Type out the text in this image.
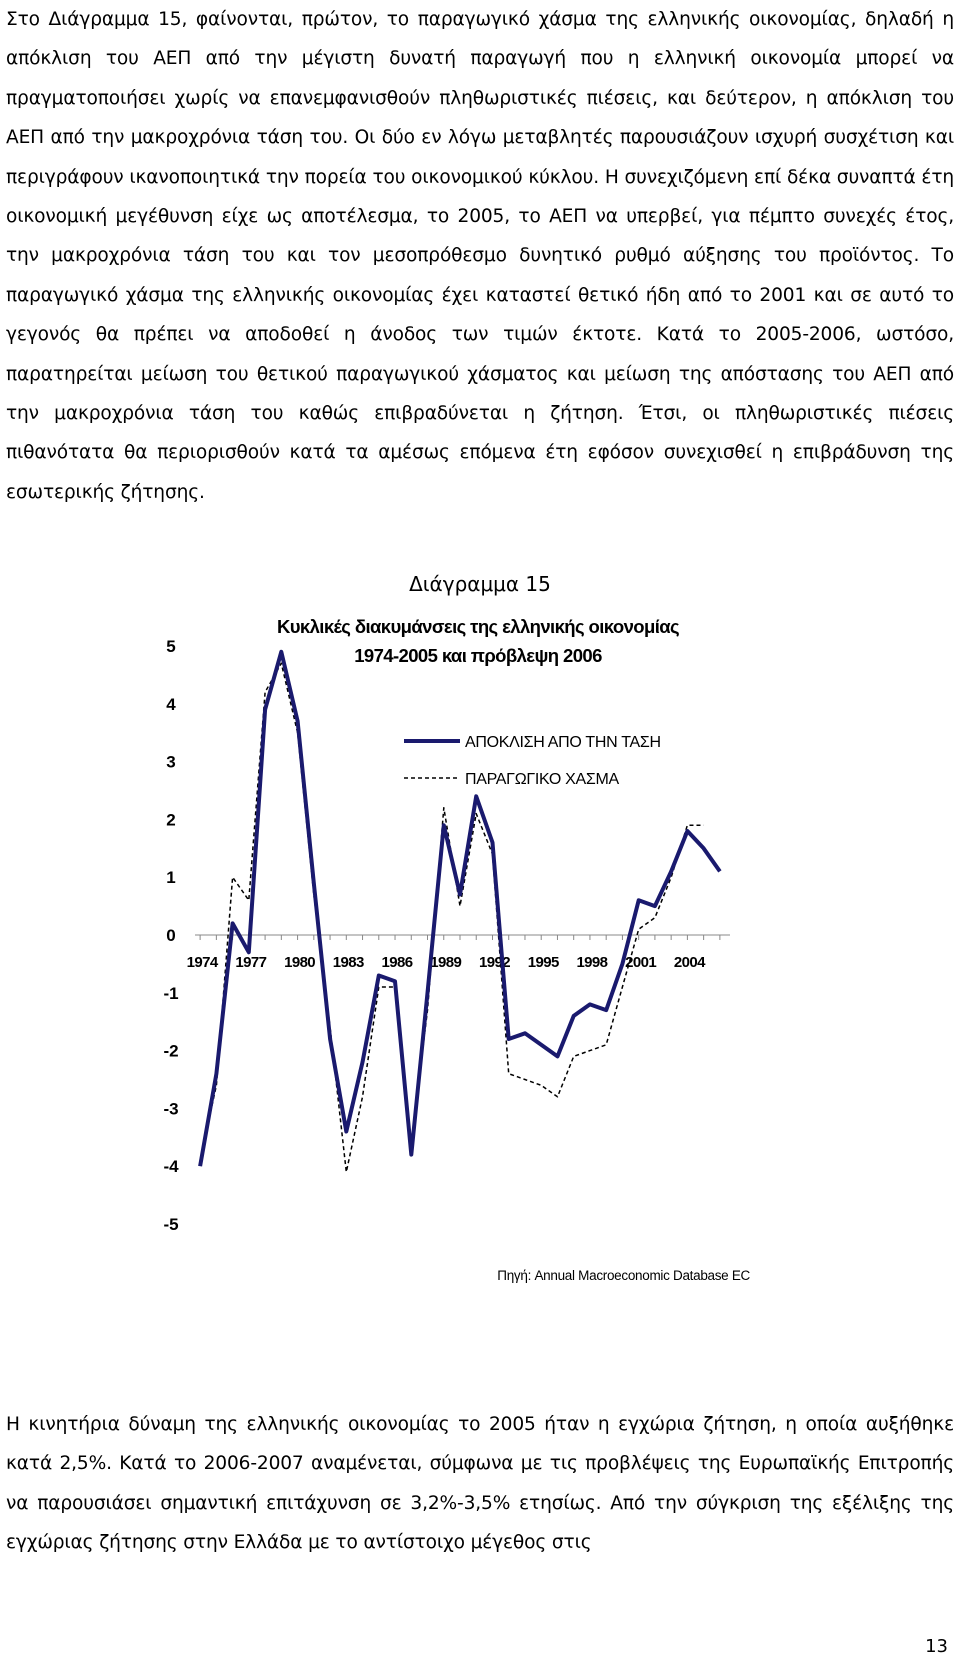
Στο Διάγραμμα 15, φαίνονται, πρώτον, το παραγωγικό χάσμα της ελληνικής οικονομίας, δηλαδή η απόκλιση του ΑΕΠ από την μέγιστη δυνατή παραγωγή που η ελληνική οικονομία μπορεί να πραγματοποιήσει χωρίς να επανεμφανισθούν πληθωριστικές πιέσεις, και δεύτερον, η απόκλιση του ΑΕΠ από την μακροχρόνια τάση του. Οι δύο εν λόγω μεταβλητές παρουσιάζουν ισχυρή συσχέτιση και περιγράφουν ικανοποιητικά την πορεία του οικονομικού κύκλου. Η συνεχιζόμενη επί δέκα συναπτά έτη οικονομική μεγέθυνση είχε ως αποτέλεσμα, το 2005, το ΑΕΠ να υπερβεί, για πέμπτο συνεχές έτος, την μακροχρόνια τάση του και τον μεσοπρόθεσμο δυνητικό ρυθμό αύξησης του προϊόντος. Το παραγωγικό χάσμα της ελληνικής οικονομίας έχει καταστεί θετικό ήδη από το 2001 και σε αυτό το γεγονός θα πρέπει να αποδοθεί η άνοδος των τιμών έκτοτε. Κατά το 2005-2006, ωστόσο, παρατηρείται μείωση του θετικού παραγωγικού χάσματος και μείωση της απόστασης του ΑΕΠ από την μακροχρόνια τάση του καθώς επιβραδύνεται η ζήτηση. Έτσι, οι πληθωριστικές πιέσεις πιθανότατα θα περιορισθούν κατά τα αμέσως επόμενα έτη εφόσον συνεχισθεί η επιβράδυνση της εσωτερικής ζήτησης.

Διάγραμμα 15
Κυκλικές διακυμάνσεις της ελληνικής οικονομίας
1974-2005 και πρόβλεψη 2006
5
4
3
2
1
0
-1
-2
-3
-4
-5
1974 1977 1980 1983 1986 1989 1992 1995 1998 2001 2004
ΑΠΟΚΛΙΣΗ ΑΠΟ ΤΗΝ ΤΑΣΗ
ΠΑΡΑΓΩΓΙΚΟ ΧΑΣΜΑ
Πηγή: Annual Macroeconomic Database EC

Η κινητήρια δύναμη της ελληνικής οικονομίας το 2005 ήταν η εγχώρια ζήτηση, η οποία αυξήθηκε κατά 2,5%. Κατά το 2006-2007 αναμένεται, σύμφωνα με τις προβλέψεις της Ευρωπαϊκής Επιτροπής να παρουσιάσει σημαντική επιτάχυνση σε 3,2%-3,5% ετησίως. Από την σύγκριση της εξέλιξης της εγχώριας ζήτησης στην Ελλάδα με το αντίστοιχο μέγεθος στις

13
